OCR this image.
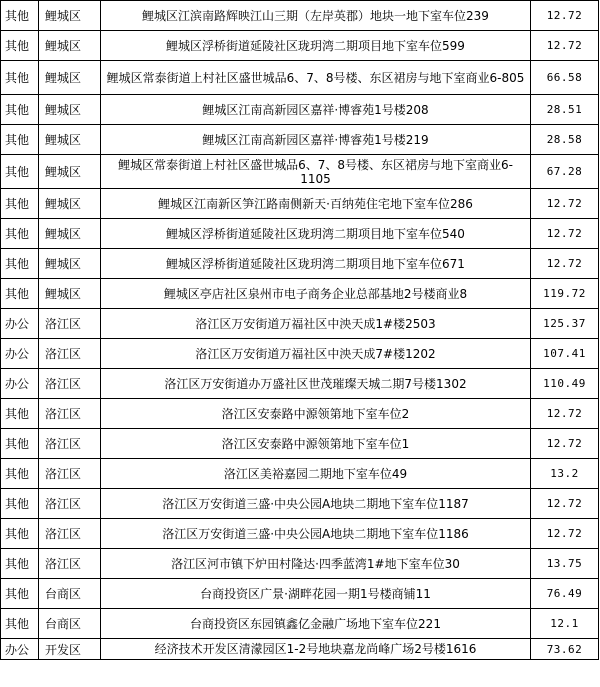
其他	鲤城区	鲤城区江滨南路辉映江山三期（左岸英郡）地块一地下室车位239	12.72
其他	鲤城区	鲤城区浮桥街道延陵社区珑玥湾二期项目地下室车位599	12.72
其他	鲤城区	鲤城区常泰街道上村社区盛世城品6、7、8号楼、东区裙房与地下室商业6-805	66.58
其他	鲤城区	鲤城区江南高新园区嘉祥·博睿苑1号楼208	28.51
其他	鲤城区	鲤城区江南高新园区嘉祥·博睿苑1号楼219	28.58
其他	鲤城区	鲤城区常泰街道上村社区盛世城品6、7、8号楼、东区裙房与地下室商业6-1105	67.28
其他	鲤城区	鲤城区江南新区笋江路南侧新天·百纳苑住宅地下室车位286	12.72
其他	鲤城区	鲤城区浮桥街道延陵社区珑玥湾二期项目地下室车位540	12.72
其他	鲤城区	鲤城区浮桥街道延陵社区珑玥湾二期项目地下室车位671	12.72
其他	鲤城区	鲤城区亭店社区泉州市电子商务企业总部基地2号楼商业8	119.72
办公	洛江区	洛江区万安街道万福社区中泱天成1#楼2503	125.37
办公	洛江区	洛江区万安街道万福社区中泱天成7#楼1202	107.41
办公	洛江区	洛江区万安街道办万盛社区世茂璀璨天城二期7号楼1302	110.49
其他	洛江区	洛江区安泰路中源领第地下室车位2	12.72
其他	洛江区	洛江区安泰路中源领第地下室车位1	12.72
其他	洛江区	洛江区美裕嘉园二期地下室车位49	13.2
其他	洛江区	洛江区万安街道三盛·中央公园A地块二期地下室车位1187	12.72
其他	洛江区	洛江区万安街道三盛·中央公园A地块二期地下室车位1186	12.72
其他	洛江区	洛江区河市镇下炉田村隆达·四季蓝湾1#地下室车位30	13.75
其他	台商区	台商投资区广景·湖畔花园一期1号楼商铺11	76.49
其他	台商区	台商投资区东园镇鑫亿金融广场地下室车位221	12.1
办公	开发区	经济技术开发区清濛园区1-2号地块嘉龙尚峰广场2号楼1616	73.62
